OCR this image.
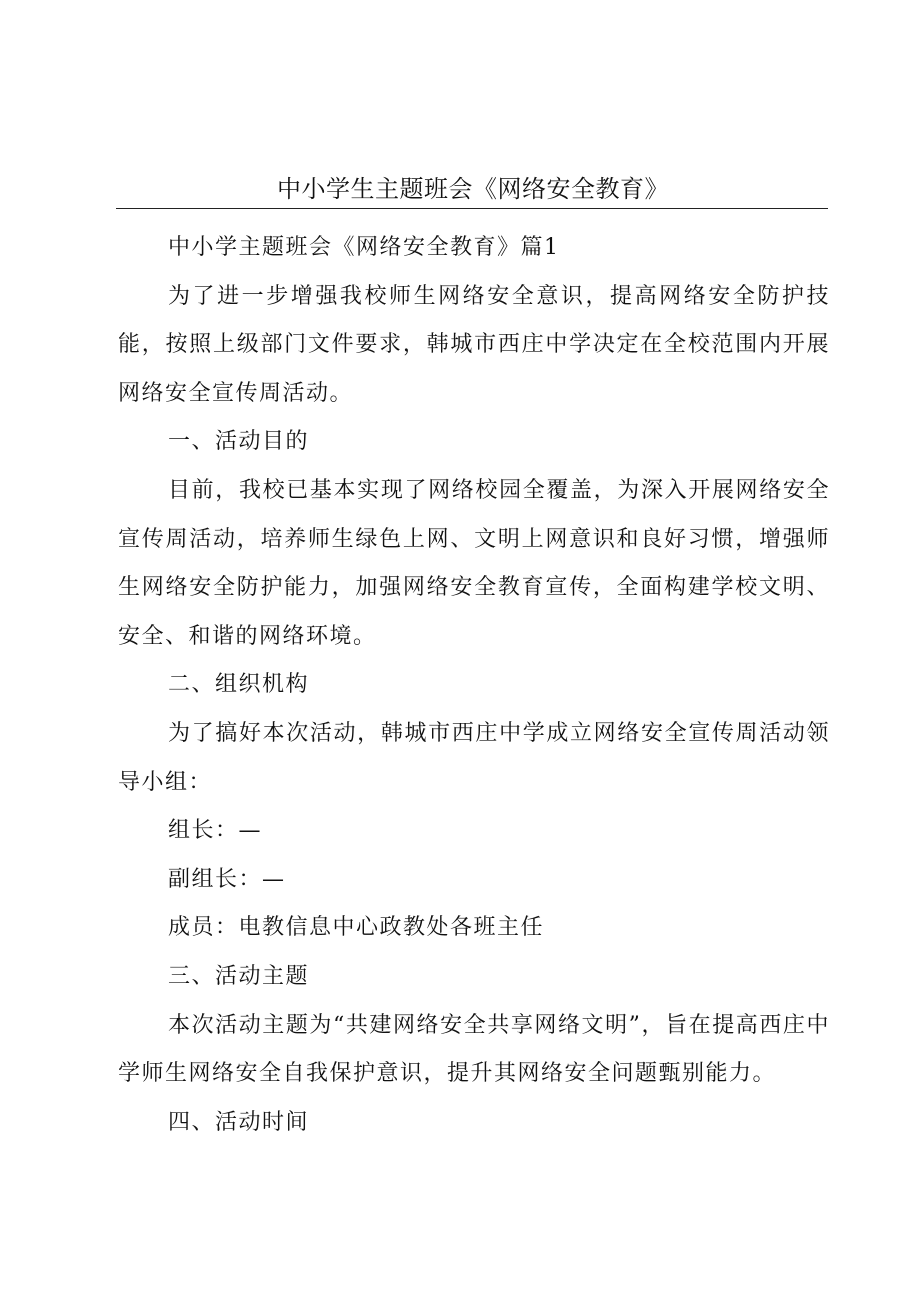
中小学生主题班会《网络安全教育》

中小学主题班会《网络安全教育》篇1

为了进一步增强我校师生网络安全意识，提高网络安全防护技能，按照上级部门文件要求，韩城市西庄中学决定在全校范围内开展网络安全宣传周活动。

一、活动目的

目前，我校已基本实现了网络校园全覆盖，为深入开展网络安全宣传周活动，培养师生绿色上网、文明上网意识和良好习惯，增强师生网络安全防护能力，加强网络安全教育宣传，全面构建学校文明、安全、和谐的网络环境。

二、组织机构

为了搞好本次活动，韩城市西庄中学成立网络安全宣传周活动领导小组：

组长：—

副组长：—

成员：电教信息中心政教处各班主任

三、活动主题

本次活动主题为“共建网络安全共享网络文明”，旨在提高西庄中学师生网络安全自我保护意识，提升其网络安全问题甄别能力。

四、活动时间
